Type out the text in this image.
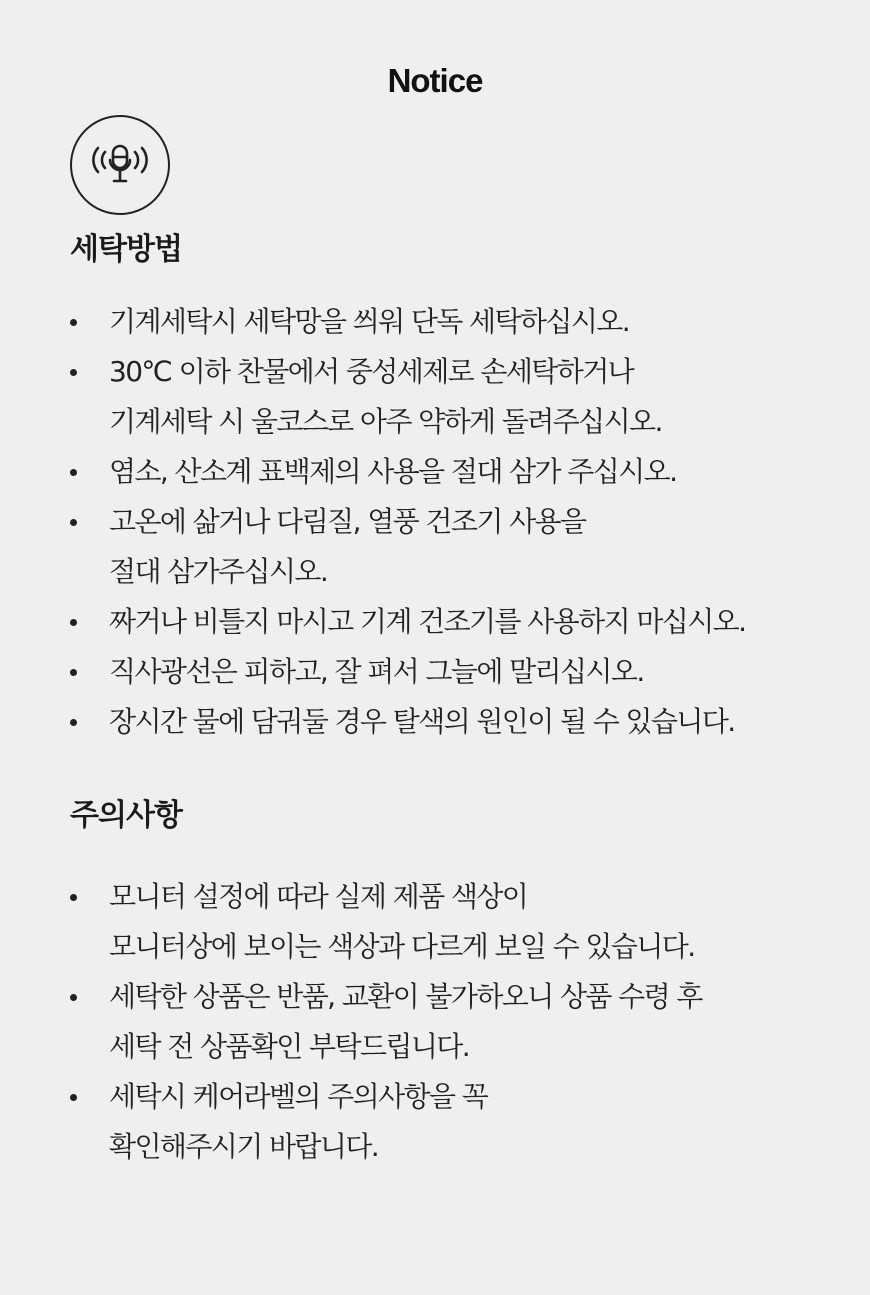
Notice
세탁방법
기계세탁시 세탁망을 씌워 단독 세탁하십시오.
30℃ 이하 찬물에서 중성세제로 손세탁하거나
기계세탁 시 울코스로 아주 약하게 돌려주십시오.
염소, 산소계 표백제의 사용을 절대 삼가 주십시오.
고온에 삶거나 다림질, 열풍 건조기 사용을
절대 삼가주십시오.
짜거나 비틀지 마시고 기계 건조기를 사용하지 마십시오.
직사광선은 피하고, 잘 펴서 그늘에 말리십시오.
장시간 물에 담궈둘 경우 탈색의 원인이 될 수 있습니다.
주의사항
모니터 설정에 따라 실제 제품 색상이
모니터상에 보이는 색상과 다르게 보일 수 있습니다.
세탁한 상품은 반품, 교환이 불가하오니 상품 수령 후
세탁 전 상품확인 부탁드립니다.
세탁시 케어라벨의 주의사항을 꼭
확인해주시기 바랍니다.
